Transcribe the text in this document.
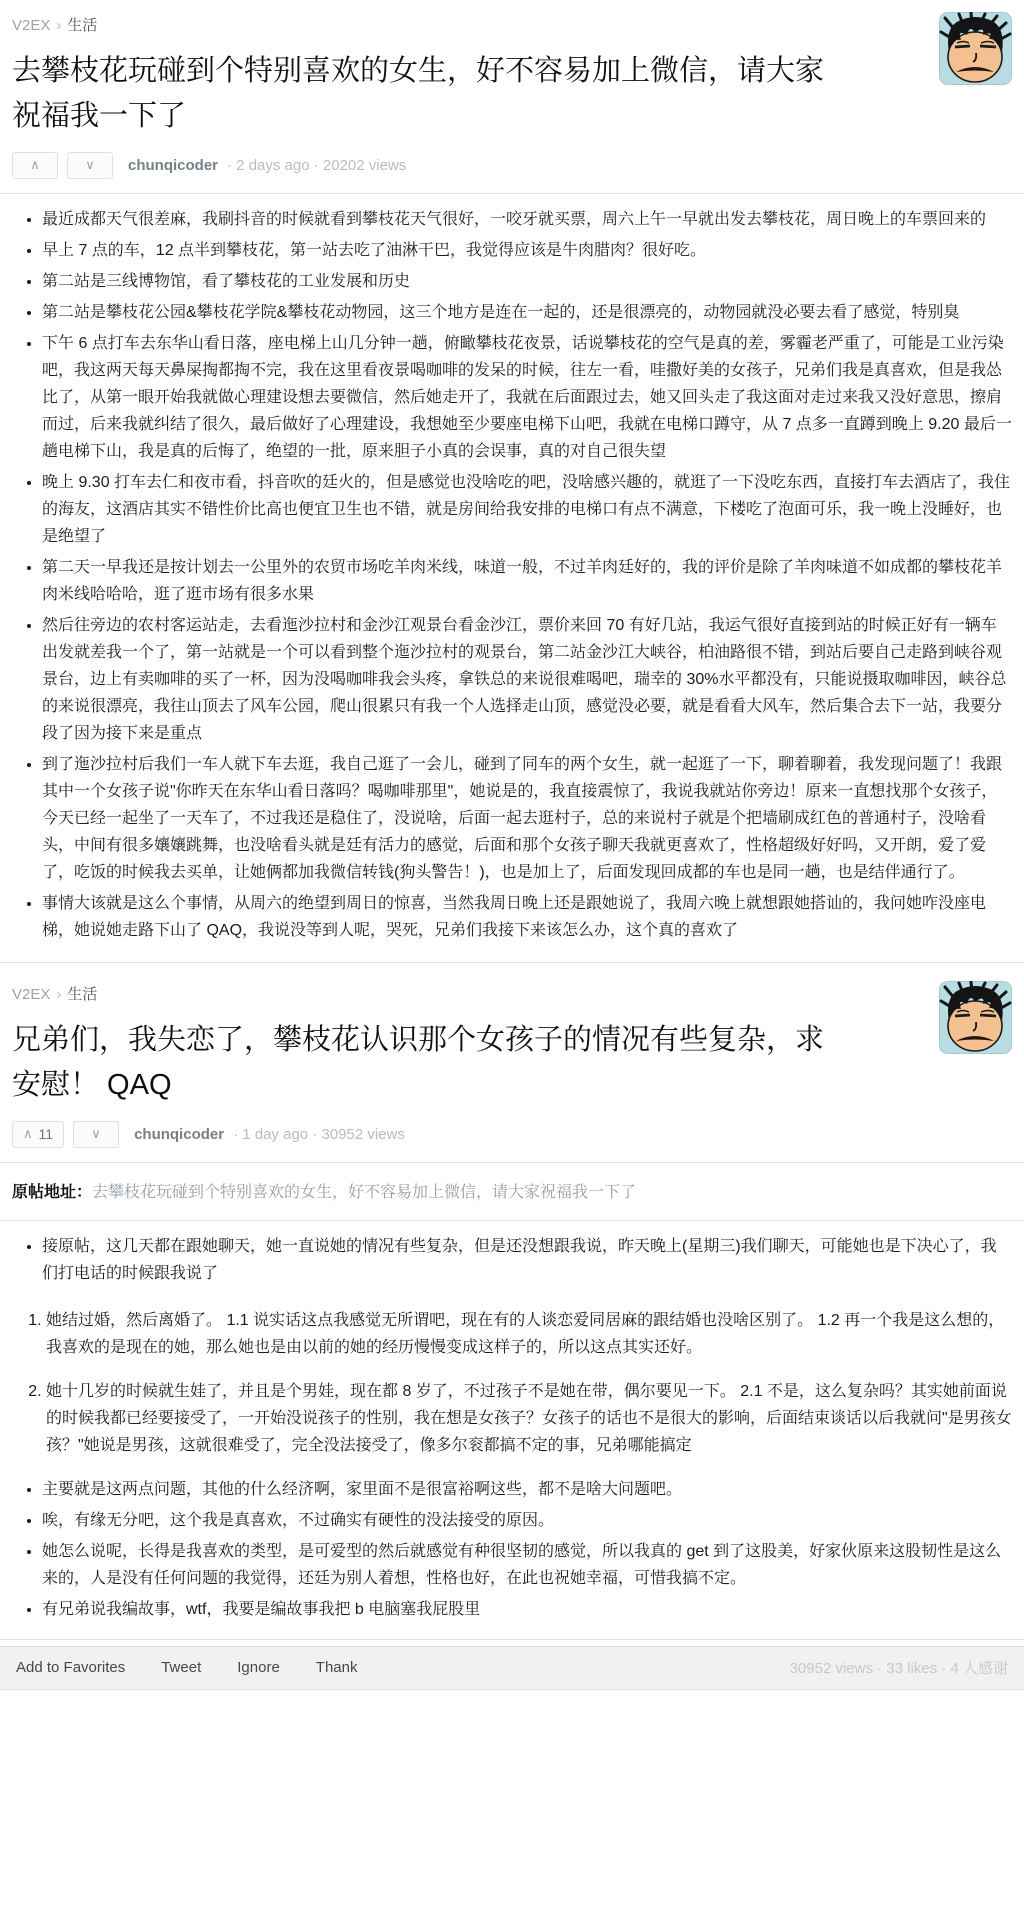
V2EX › 生活
去攀枝花玩碰到个特别喜欢的女生，好不容易加上微信，请大家祝福我一下了
∧	∨ chunqicoder · 2 days ago · 20202 views
• 最近成都天气很差麻，我刷抖音的时候就看到攀枝花天气很好，一咬牙就买票，周六上午一早就出发去攀枝花，周日晚上的车票回来的
• 早上 7 点的车，12 点半到攀枝花，第一站去吃了油淋干巴，我觉得应该是牛肉腊肉？很好吃。
• 第二站是三线博物馆，看了攀枝花的工业发展和历史
• 第二站是攀枝花公园&攀枝花学院&攀枝花动物园，这三个地方是连在一起的，还是很漂亮的，动物园就没必要去看了感觉，特别臭
• 下午 6 点打车去东华山看日落，座电梯上山几分钟一趟，俯瞰攀枝花夜景，话说攀枝花的空气是真的差，雾霾老严重了，可能是工业污染吧，我这两天每天鼻屎掏都掏不完，我在这里看夜景喝咖啡的发呆的时候，往左一看，哇撒好美的女孩子，兄弟们我是真喜欢，但是我怂比了，从第一眼开始我就做心理建设想去要微信，然后她走开了，我就在后面跟过去，她又回头走了我这面对走过来我又没好意思，擦肩而过，后来我就纠结了很久，最后做好了心理建设，我想她至少要座电梯下山吧，我就在电梯口蹲守，从 7 点多一直蹲到晚上 9.20 最后一趟电梯下山，我是真的后悔了，绝望的一批，原来胆子小真的会误事，真的对自己很失望
• 晚上 9.30 打车去仁和夜市看，抖音吹的廷火的，但是感觉也没啥吃的吧，没啥感兴趣的，就逛了一下没吃东西，直接打车去酒店了，我住的海友，这酒店其实不错性价比高也便宜卫生也不错，就是房间给我安排的电梯口有点不满意，下楼吃了泡面可乐，我一晚上没睡好，也是绝望了
• 第二天一早我还是按计划去一公里外的农贸市场吃羊肉米线，味道一般，不过羊肉廷好的，我的评价是除了羊肉味道不如成都的攀枝花羊肉米线哈哈哈，逛了逛市场有很多水果
• 然后往旁边的农村客运站走，去看迤沙拉村和金沙江观景台看金沙江，票价来回 70 有好几站，我运气很好直接到站的时候正好有一辆车出发就差我一个了，第一站就是一个可以看到整个迤沙拉村的观景台，第二站金沙江大峡谷，柏油路很不错，到站后要自己走路到峡谷观景台，边上有卖咖啡的买了一杯，因为没喝咖啡我会头疼，拿铁总的来说很难喝吧，瑞幸的 30%水平都没有，只能说摄取咖啡因，峡谷总的来说很漂亮，我往山顶去了风车公园，爬山很累只有我一个人选择走山顶，感觉没必要，就是看看大风车，然后集合去下一站，我要分段了因为接下来是重点
• 到了迤沙拉村后我们一车人就下车去逛，我自己逛了一会儿，碰到了同车的两个女生，就一起逛了一下，聊着聊着，我发现问题了！我跟其中一个女孩子说"你昨天在东华山看日落吗？喝咖啡那里"，她说是的，我直接震惊了，我说我就站你旁边！原来一直想找那个女孩子，今天已经一起坐了一天车了，不过我还是稳住了，没说啥，后面一起去逛村子，总的来说村子就是个把墙刷成红色的普通村子，没啥看头，中间有很多孃孃跳舞，也没啥看头就是廷有活力的感觉，后面和那个女孩子聊天我就更喜欢了，性格超级好好吗，又开朗，爱了爱了，吃饭的时候我去买单，让她俩都加我微信转钱(狗头警告！)，也是加上了，后面发现回成都的车也是同一趟，也是结伴通行了。
• 事情大该就是这么个事情，从周六的绝望到周日的惊喜，当然我周日晚上还是跟她说了，我周六晚上就想跟她搭讪的，我问她咋没座电梯，她说她走路下山了 QAQ，我说没等到人呢，哭死，兄弟们我接下来该怎么办，这个真的喜欢了
V2EX › 生活
兄弟们，我失恋了，攀枝花认识那个女孩子的情况有些复杂，求安慰！ QAQ
∧ 11	∨ chunqicoder · 1 day ago · 30952 views

原帖地址：去攀枝花玩碰到个特别喜欢的女生，好不容易加上微信，请大家祝福我一下了

• 接原帖，这几天都在跟她聊天，她一直说她的情况有些复杂，但是还没想跟我说，昨天晚上(星期三)我们聊天，可能她也是下决心了，我们打电话的时候跟我说了
1. 她结过婚，然后离婚了。 1.1 说实话这点我感觉无所谓吧，现在有的人谈恋爱同居麻的跟结婚也没啥区别了。 1.2 再一个我是这么想的，我喜欢的是现在的她，那么她也是由以前的她的经历慢慢变成这样子的，所以这点其实还好。
2. 她十几岁的时候就生娃了，并且是个男娃，现在都 8 岁了，不过孩子不是她在带，偶尔要见一下。 2.1 不是，这么复杂吗？其实她前面说的时候我都已经要接受了，一开始没说孩子的性别，我在想是女孩子？女孩子的话也不是很大的影响，后面结束谈话以后我就问"是男孩女孩？"她说是男孩，这就很难受了，完全没法接受了，像多尔衮都搞不定的事，兄弟哪能搞定
• 主要就是这两点问题，其他的什么经济啊，家里面不是很富裕啊这些，都不是啥大问题吧。
• 唉，有缘无分吧，这个我是真喜欢，不过确实有硬性的没法接受的原因。
• 她怎么说呢，长得是我喜欢的类型，是可爱型的然后就感觉有种很坚韧的感觉，所以我真的 get 到了这股美，好家伙原来这股韧性是这么来的，人是没有任何问题的我觉得，还廷为别人着想，性格也好，在此也祝她幸福，可惜我搞不定。
• 有兄弟说我编故事，wtf，我要是编故事我把 b 电脑塞我屁股里
Add to Favorites Tweet Ignore Thank	30952 views · 33 likes · 4 人感谢
